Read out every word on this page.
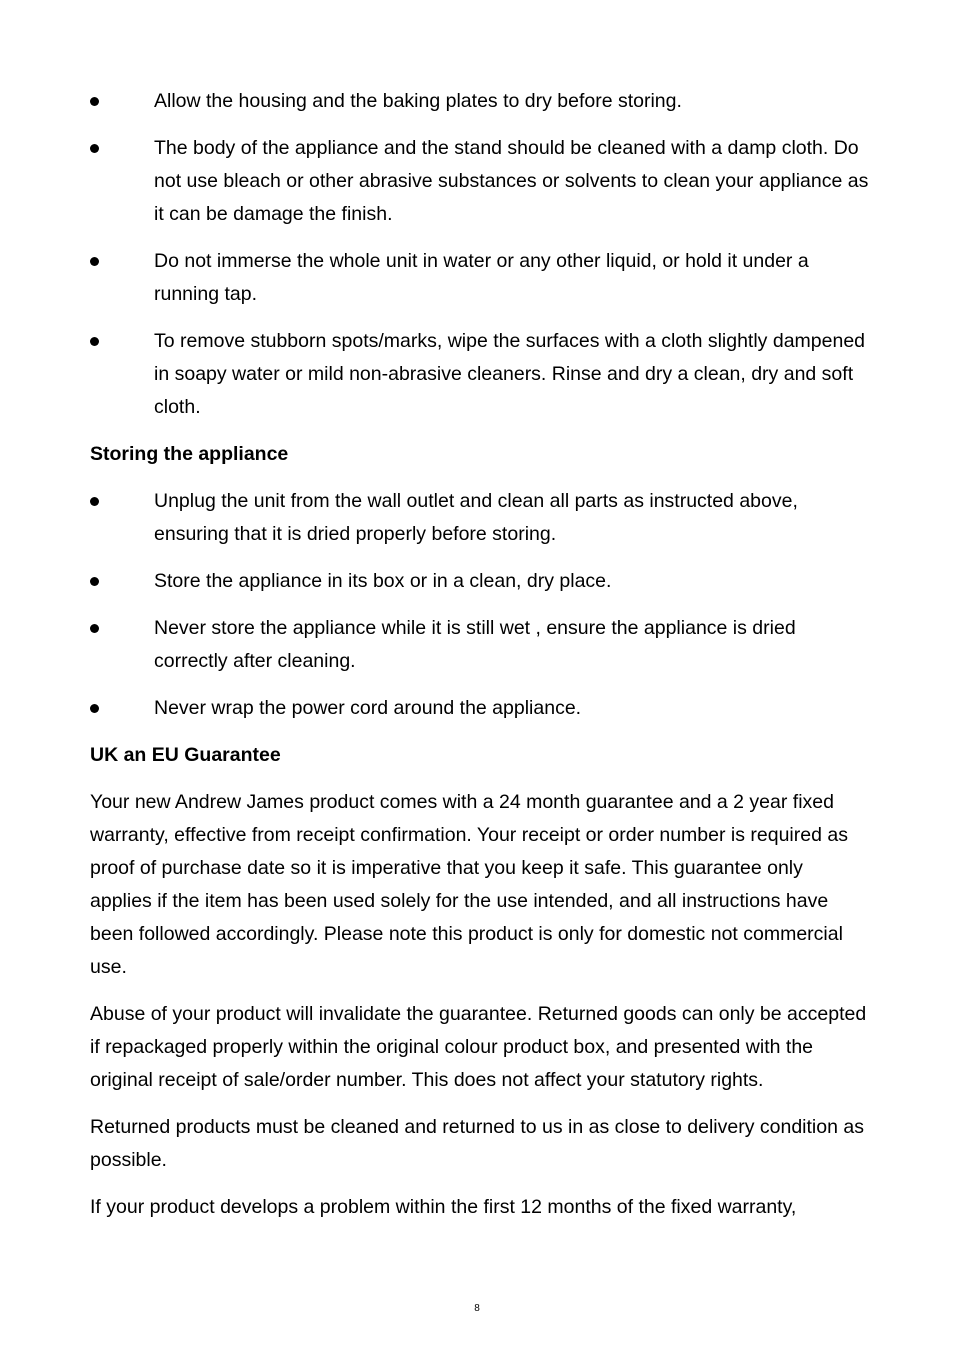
Allow the housing and the baking plates to dry before storing.
The body of the appliance and the stand should be cleaned with a damp cloth. Do not use bleach or other abrasive substances or solvents to clean your appliance as it can be damage the finish.
Do not immerse the whole unit in water or any other liquid, or hold it under a running tap.
To remove stubborn spots/marks, wipe the surfaces with a cloth slightly dampened in soapy water or mild non-abrasive cleaners. Rinse and dry a clean, dry and soft cloth.
Storing the appliance
Unplug the unit from the wall outlet and clean all parts as instructed above, ensuring that it is dried properly before storing.
Store the appliance in its box or in a clean, dry place.
Never store the appliance while it is still wet , ensure the appliance is dried correctly after cleaning.
Never wrap the power cord around the appliance.
UK an EU Guarantee

Your new Andrew James product comes with a 24 month guarantee and a 2 year fixed warranty, effective from receipt confirmation. Your receipt or order number is required as proof of purchase date so it is imperative that you keep it safe. This guarantee only applies if the item has been used solely for the use intended, and all instructions have been followed accordingly. Please note this product is only for domestic not commercial use.

Abuse of your product will invalidate the guarantee. Returned goods can only be accepted if repackaged properly within the original colour product box, and presented with the original receipt of sale/order number. This does not affect your statutory rights.

Returned products must be cleaned and returned to us in as close to delivery condition as possible.

If your product develops a problem within the first 12 months of the fixed warranty,

8
